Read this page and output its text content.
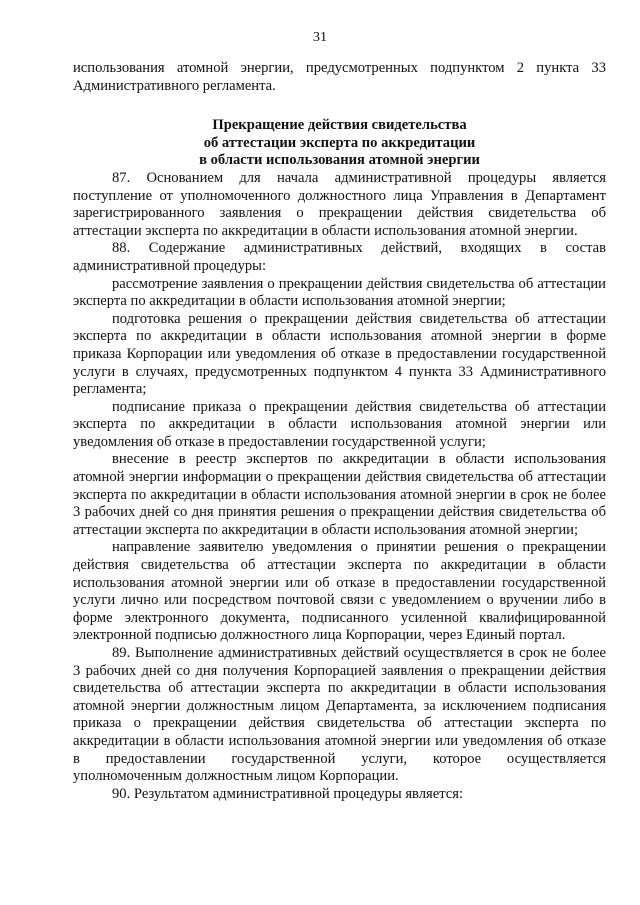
31

использования атомной энергии, предусмотренных подпунктом 2 пункта 33 Административного регламента.

Прекращение действия свидетельства
об аттестации эксперта по аккредитации
в области использования атомной энергии

87. Основанием для начала административной процедуры является поступление от уполномоченного должностного лица Управления в Департамент зарегистрированного заявления о прекращении действия свидетельства об аттестации эксперта по аккредитации в области использования атомной энергии.

88. Содержание административных действий, входящих в состав административной процедуры:

рассмотрение заявления о прекращении действия свидетельства об аттестации эксперта по аккредитации в области использования атомной энергии;

подготовка решения о прекращении действия свидетельства об аттестации эксперта по аккредитации в области использования атомной энергии в форме приказа Корпорации или уведомления об отказе в предоставлении государственной услуги в случаях, предусмотренных подпунктом 4 пункта 33 Административного регламента;

подписание приказа о прекращении действия свидетельства об аттестации эксперта по аккредитации в области использования атомной энергии или уведомления об отказе в предоставлении государственной услуги;

внесение в реестр экспертов по аккредитации в области использования атомной энергии информации о прекращении действия свидетельства об аттестации эксперта по аккредитации в области использования атомной энергии в срок не более 3 рабочих дней со дня принятия решения о прекращении действия свидетельства об аттестации эксперта по аккредитации в области использования атомной энергии;

направление заявителю уведомления о принятии решения о прекращении действия свидетельства об аттестации эксперта по аккредитации в области использования атомной энергии или об отказе в предоставлении государственной услуги лично или посредством почтовой связи с уведомлением о вручении либо в форме электронного документа, подписанного усиленной квалифицированной электронной подписью должностного лица Корпорации, через Единый портал.

89. Выполнение административных действий осуществляется в срок не более 3 рабочих дней со дня получения Корпорацией заявления о прекращении действия свидетельства об аттестации эксперта по аккредитации в области использования атомной энергии должностным лицом Департамента, за исключением подписания приказа о прекращении действия свидетельства об аттестации эксперта по аккредитации в области использования атомной энергии или уведомления об отказе в предоставлении государственной услуги, которое осуществляется уполномоченным должностным лицом Корпорации.

90. Результатом административной процедуры является:
